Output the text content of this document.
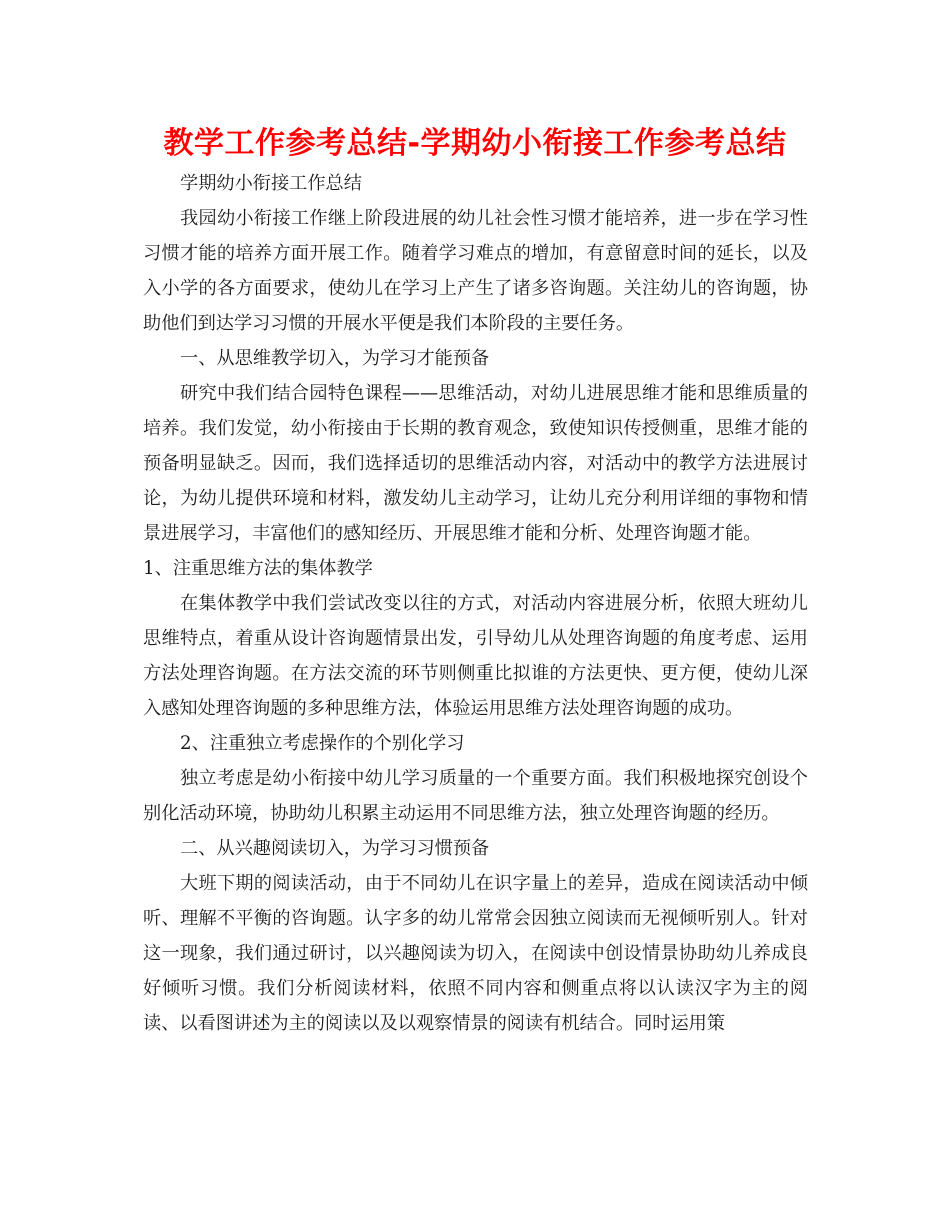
教学工作参考总结-学期幼小衔接工作参考总结

学期幼小衔接工作总结

我园幼小衔接工作继上阶段进展的幼儿社会性习惯才能培养，进一步在学习性习惯才能的培养方面开展工作。随着学习难点的增加，有意留意时间的延长，以及入小学的各方面要求，使幼儿在学习上产生了诸多咨询题。关注幼儿的咨询题，协助他们到达学习习惯的开展水平便是我们本阶段的主要任务。

一、从思维教学切入，为学习才能预备

研究中我们结合园特色课程——思维活动，对幼儿进展思维才能和思维质量的培养。我们发觉，幼小衔接由于长期的教育观念，致使知识传授侧重，思维才能的预备明显缺乏。因而，我们选择适切的思维活动内容，对活动中的教学方法进展讨论，为幼儿提供环境和材料，激发幼儿主动学习，让幼儿充分利用详细的事物和情景进展学习，丰富他们的感知经历、开展思维才能和分析、处理咨询题才能。

1、注重思维方法的集体教学

在集体教学中我们尝试改变以往的方式，对活动内容进展分析，依照大班幼儿思维特点，着重从设计咨询题情景出发，引导幼儿从处理咨询题的角度考虑、运用方法处理咨询题。在方法交流的环节则侧重比拟谁的方法更快、更方便，使幼儿深入感知处理咨询题的多种思维方法，体验运用思维方法处理咨询题的成功。

2、注重独立考虑操作的个别化学习

独立考虑是幼小衔接中幼儿学习质量的一个重要方面。我们积极地探究创设个别化活动环境，协助幼儿积累主动运用不同思维方法，独立处理咨询题的经历。

二、从兴趣阅读切入，为学习习惯预备

大班下期的阅读活动，由于不同幼儿在识字量上的差异，造成在阅读活动中倾听、理解不平衡的咨询题。认字多的幼儿常常会因独立阅读而无视倾听别人。针对这一现象，我们通过研讨，以兴趣阅读为切入，在阅读中创设情景协助幼儿养成良好倾听习惯。我们分析阅读材料，依照不同内容和侧重点将以认读汉字为主的阅读、以看图讲述为主的阅读以及以观察情景的阅读有机结合。同时运用策
